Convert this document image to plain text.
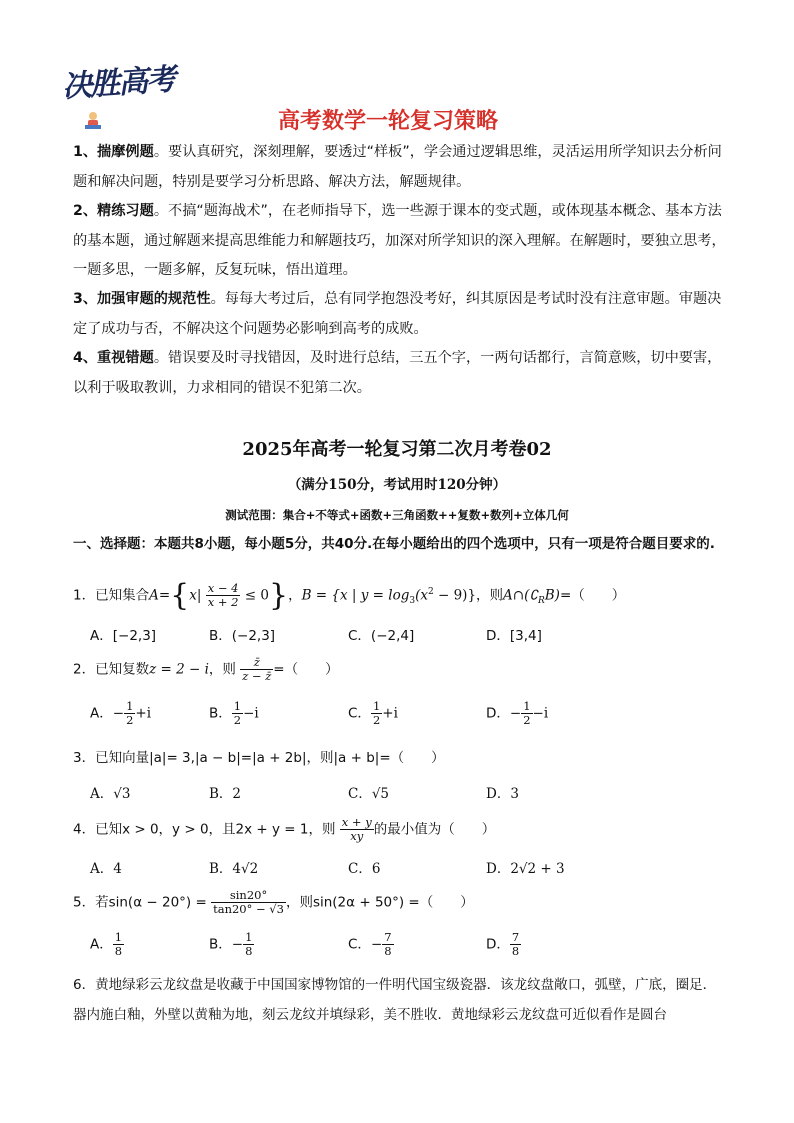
决胜高考
高考数学一轮复习策略
1、揣摩例题。要认真研究，深刻理解，要透过“样板”，学会通过逻辑思维，灵活运用所学知识去分析问题和解决问题，特别是要学习分析思路、解决方法，解题规律。
2、精练习题。不搞“题海战术”，在老师指导下，选一些源于课本的变式题，或体现基本概念、基本方法的基本题，通过解题来提高思维能力和解题技巧，加深对所学知识的深入理解。在解题时，要独立思考，一题多思，一题多解，反复玩味，悟出道理。
3、加强审题的规范性。每每大考过后，总有同学抱怨没考好，纠其原因是考试时没有注意审题。审题决定了成功与否，不解决这个问题势必影响到高考的成败。
4、重视错题。错误要及时寻找错因，及时进行总结，三五个字，一两句话都行，言简意赅，切中要害，以利于吸取教训，力求相同的错误不犯第二次。
2025年高考一轮复习第二次月考卷02
（满分150分，考试用时120分钟）
测试范围：集合+不等式+函数+三角函数++复数+数列+立体几何
一、选择题：本题共8小题，每小题5分，共40分.在每小题给出的四个选项中，只有一项是符合题目要求的.
1．已知集合$A=\{x| \frac{x - 4}{x + 2} \le 0\}$，B = {x | $y = \log_3(x^2 - 9)$}，则$A\cap(∁_RB)=$（　　）
A．[−2,3]	B．(−2,3]	C．(−2,4]	D．[3,4]
2．已知复数z = 2 − i，则 $\frac{z̄}{z - z̄}$ =（　　）
A．− $\frac{1}{2} +i$	B． $\frac{1}{2} -i$	C． $\frac{1}{2} +i$	D．− $\frac{1}{2} -i$
3．已知向量|a|= 3,|a − b|=|a + 2b|，则|a + b|=（　　）
A．√3	B．2	C．√5	D．3
4．已知x > 0，y > 0，且2x + y = 1，则 $\frac{x + y}{xy}$ 的最小值为（　　）
A．4	B．4√2	C．6	D．2√2 + 3
5．若$\sin(\alpha - 20^\circ) = \frac{\sin 20^\circ}{\tan 20^\circ - √3}$ ，则sin(2α + 50°) =（　　）
A． $\frac{1}{8}$	B．− $\frac{1}{8}$	C．− $\frac{7}{8}$	D． $\frac{7}{8}$
6．黄地绿彩云龙纹盘是收藏于中国国家博物馆的一件明代国宝级瓷器．该龙纹盘敞口，弧壁，广底，圈足．器内施白釉，外壁以黄釉为地，刻云龙纹并填绿彩，美不胜收．黄地绿彩云龙纹盘可近似看作是圆台
